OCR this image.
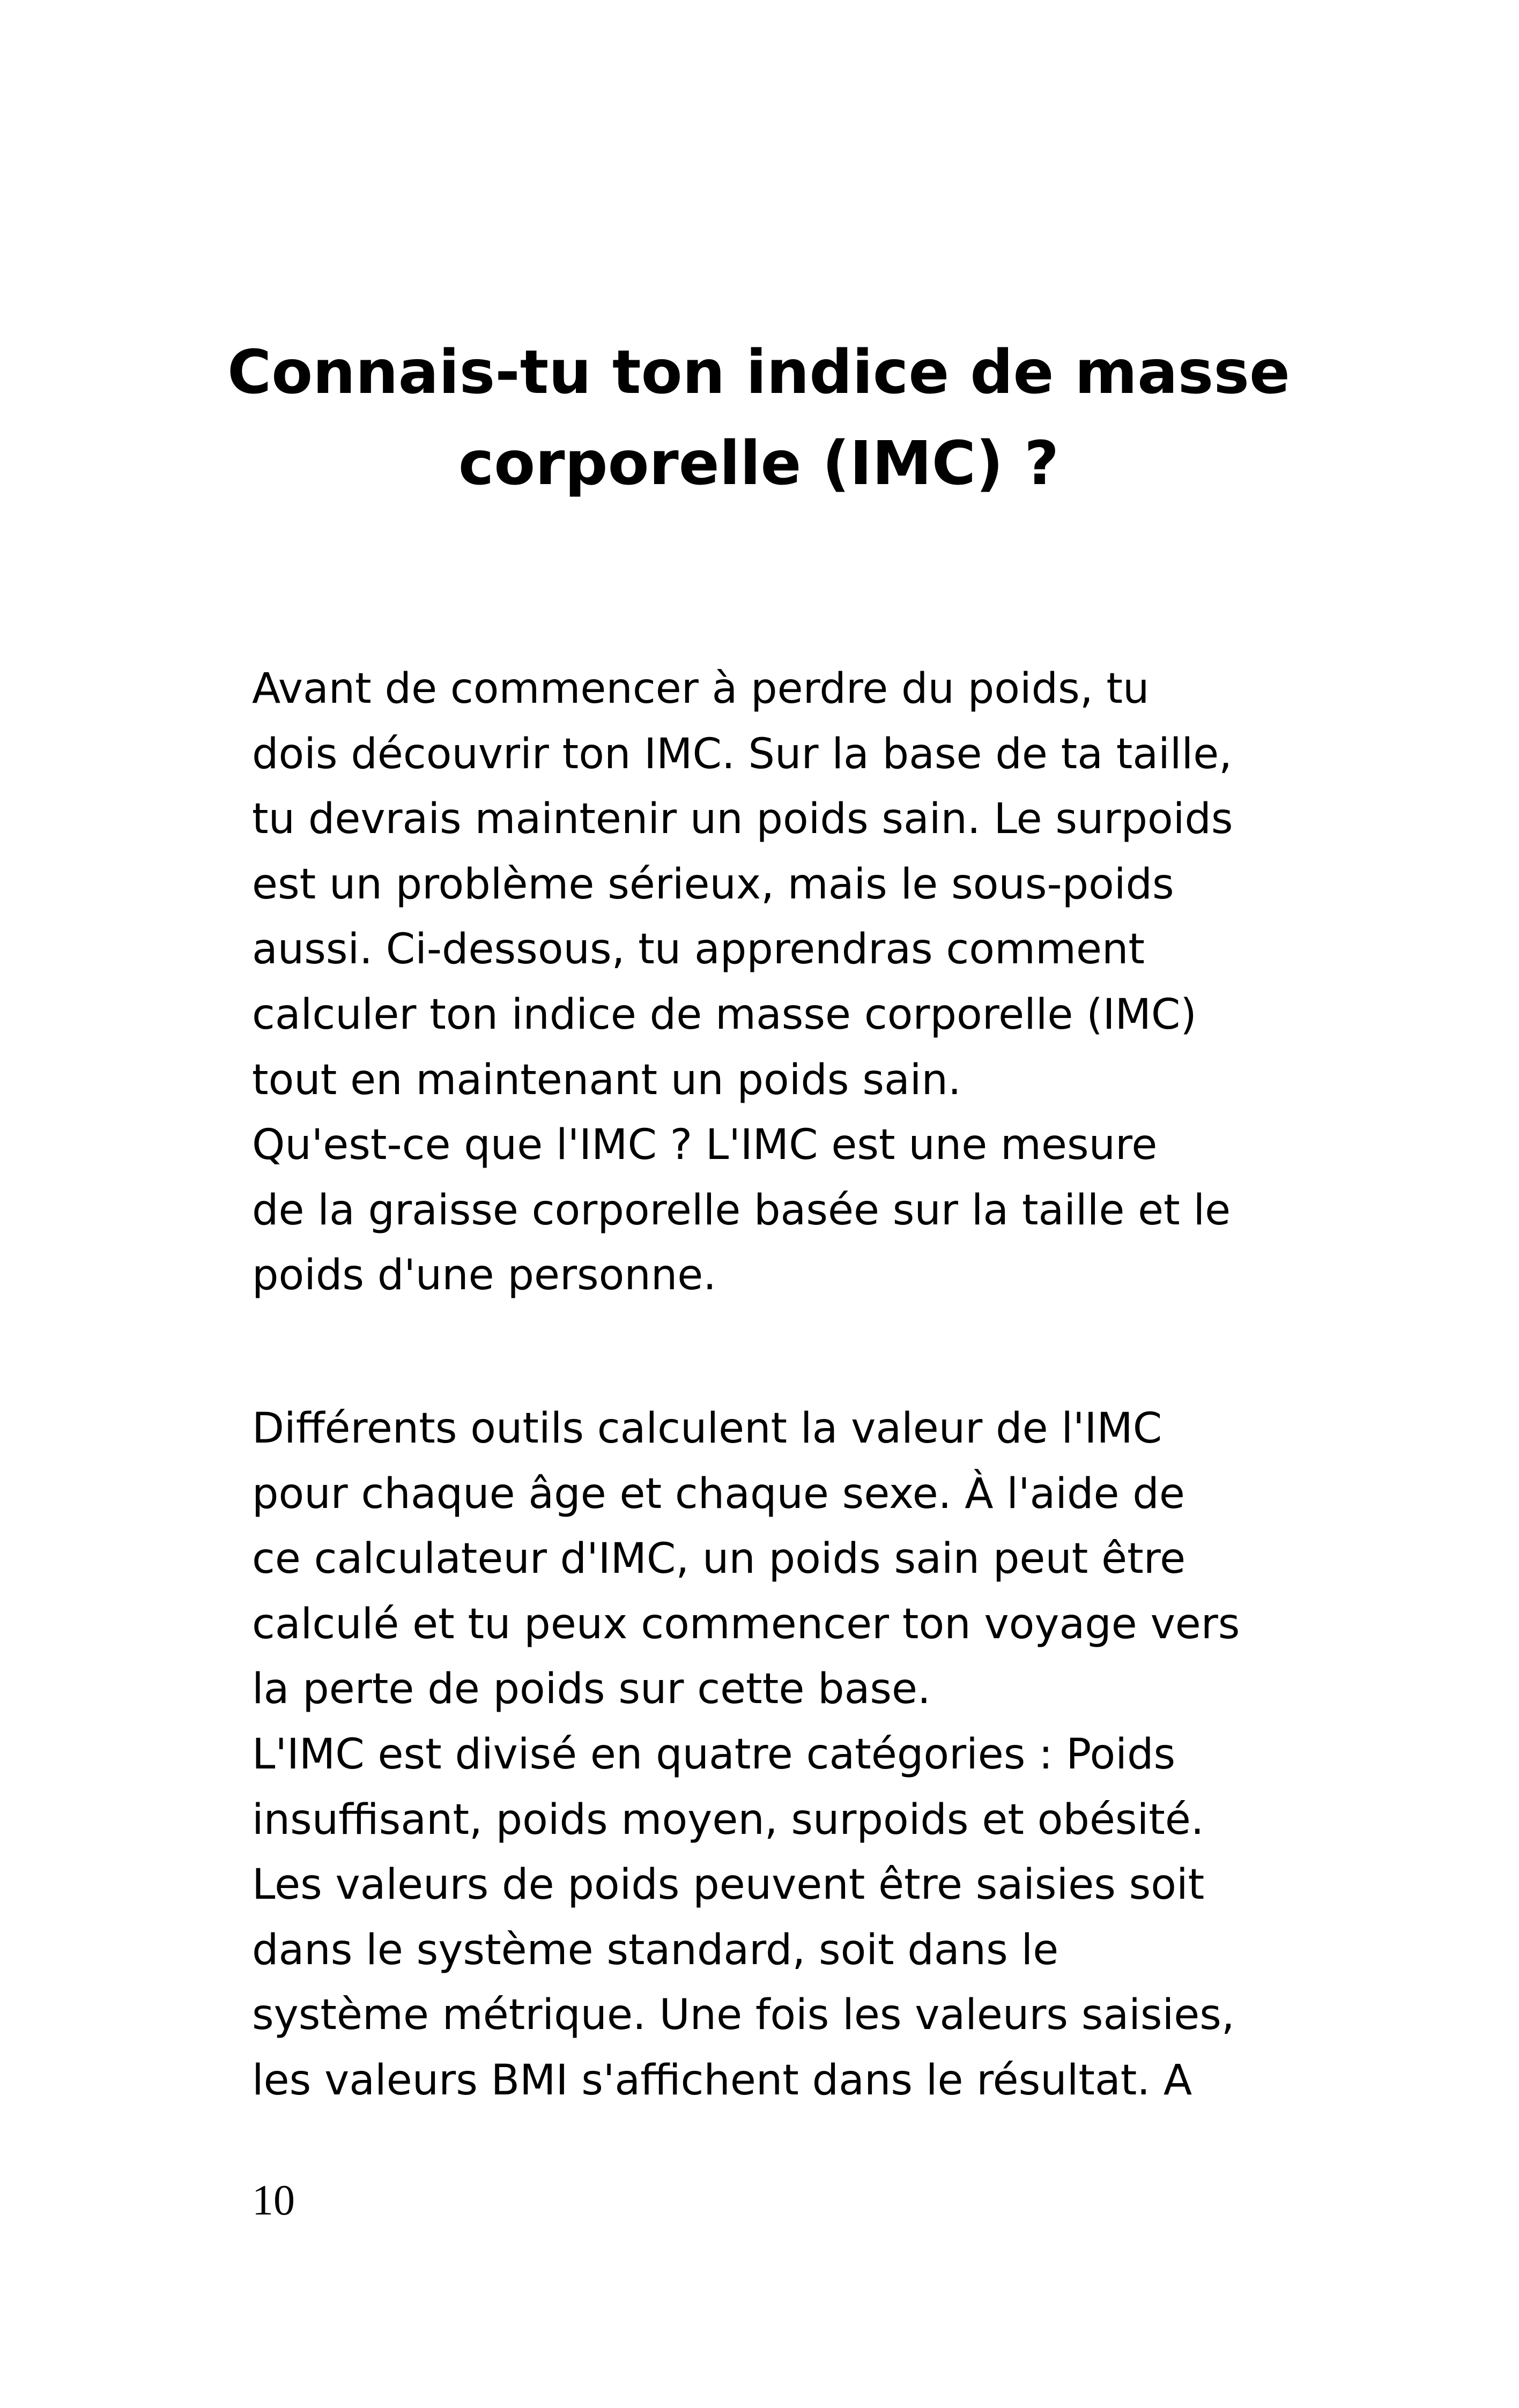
Connais-tu ton indice de masse
corporelle (IMC) ?
Avant de commencer à perdre du poids, tu
dois découvrir ton IMC. Sur la base de ta taille,
tu devrais maintenir un poids sain. Le surpoids
est un problème sérieux, mais le sous-poids
aussi. Ci-dessous, tu apprendras comment
calculer ton indice de masse corporelle (IMC)
tout en maintenant un poids sain.
Qu'est-ce que l'IMC ? L'IMC est une mesure
de la graisse corporelle basée sur la taille et le
poids d'une personne.
Différents outils calculent la valeur de l'IMC
pour chaque âge et chaque sexe. À l'aide de
ce calculateur d'IMC, un poids sain peut être
calculé et tu peux commencer ton voyage vers
la perte de poids sur cette base.
L'IMC est divisé en quatre catégories : Poids
insuffisant, poids moyen, surpoids et obésité.
Les valeurs de poids peuvent être saisies soit
dans le système standard, soit dans le
système métrique. Une fois les valeurs saisies,
les valeurs BMI s'affichent dans le résultat. A
10
